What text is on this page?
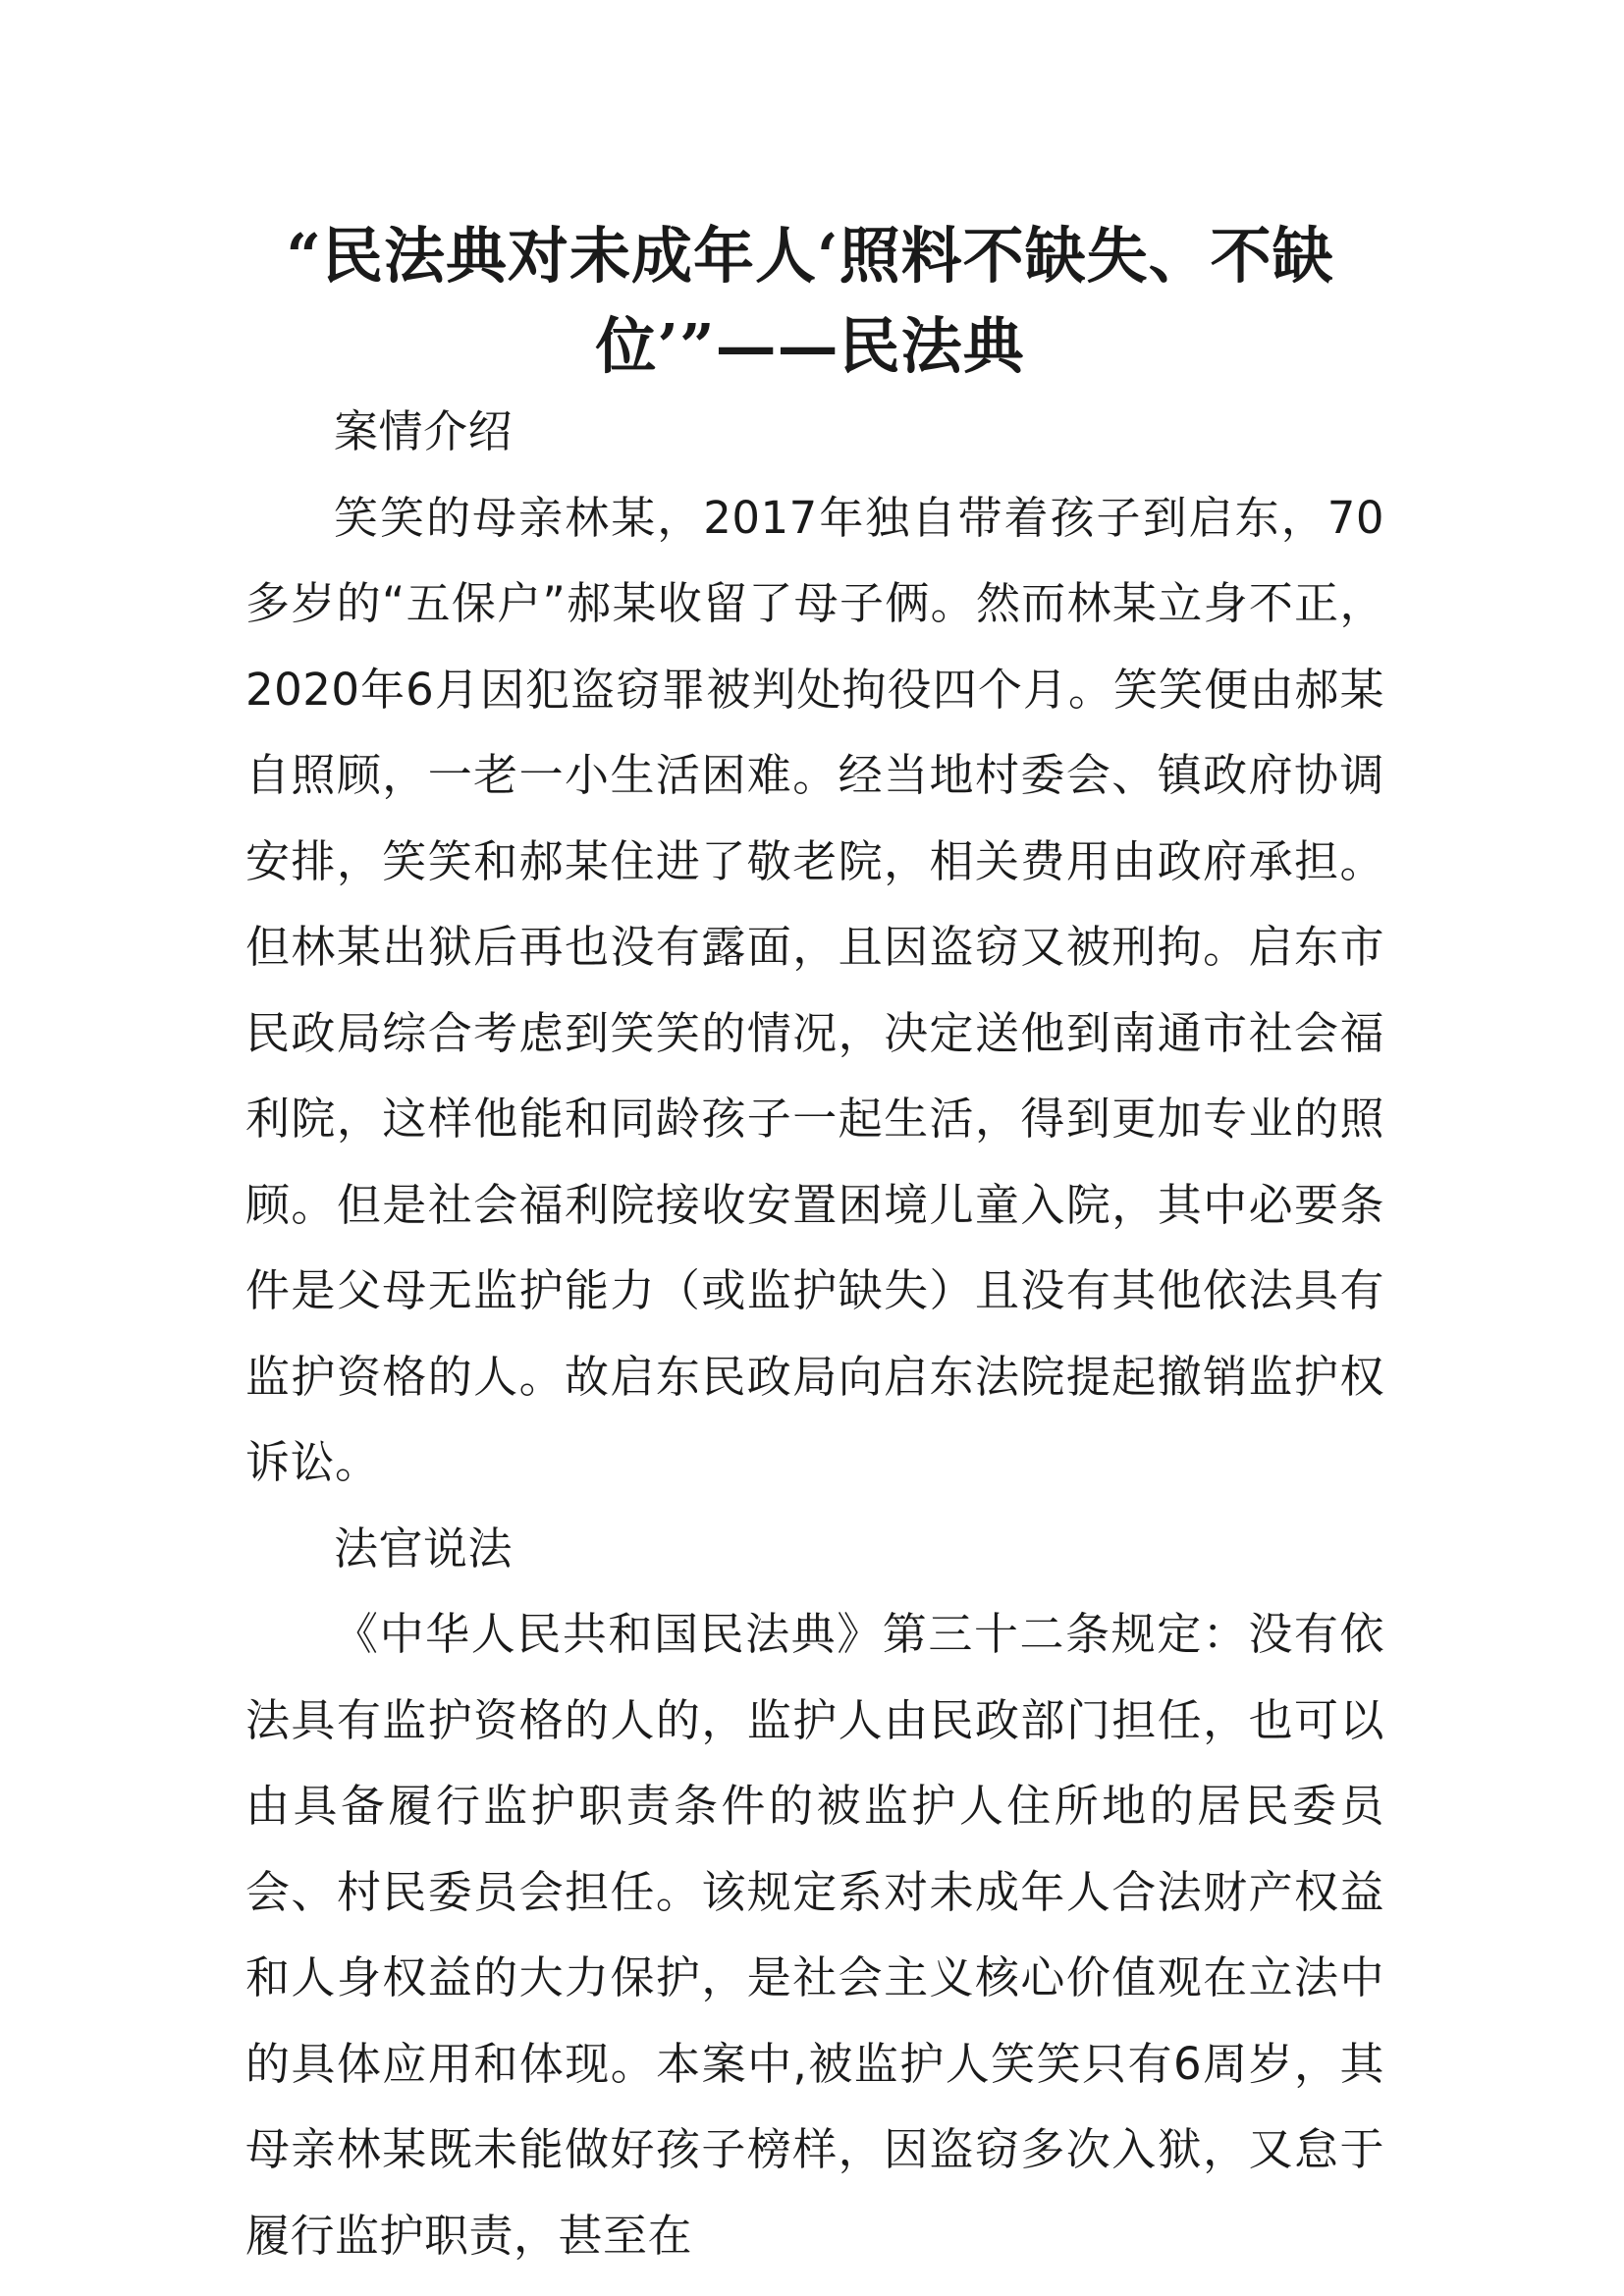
“民法典对未成年人‘照料不缺失、不缺
位’”——民法典

案情介绍

笑笑的母亲林某，2017年独自带着孩子到启东，70多岁的“五保户”郝某收留了母子俩。然而林某立身不正，2020年6月因犯盗窃罪被判处拘役四个月。笑笑便由郝某自照顾，一老一小生活困难。经当地村委会、镇政府协调安排，笑笑和郝某住进了敬老院，相关费用由政府承担。但林某出狱后再也没有露面，且因盗窃又被刑拘。启东市民政局综合考虑到笑笑的情况，决定送他到南通市社会福利院，这样他能和同龄孩子一起生活，得到更加专业的照顾。但是社会福利院接收安置困境儿童入院，其中必要条件是父母无监护能力（或监护缺失）且没有其他依法具有监护资格的人。故启东民政局向启东法院提起撤销监护权诉讼。

法官说法

《中华人民共和国民法典》第三十二条规定：没有依法具有监护资格的人的，监护人由民政部门担任，也可以由具备履行监护职责条件的被监护人住所地的居民委员会、村民委员会担任。该规定系对未成年人合法财产权益和人身权益的大力保护，是社会主义核心价值观在立法中的具体应用和体现。本案中,被监护人笑笑只有6周岁，其母亲林某既未能做好孩子榜样，因盗窃多次入狱，又怠于履行监护职责，甚至在
